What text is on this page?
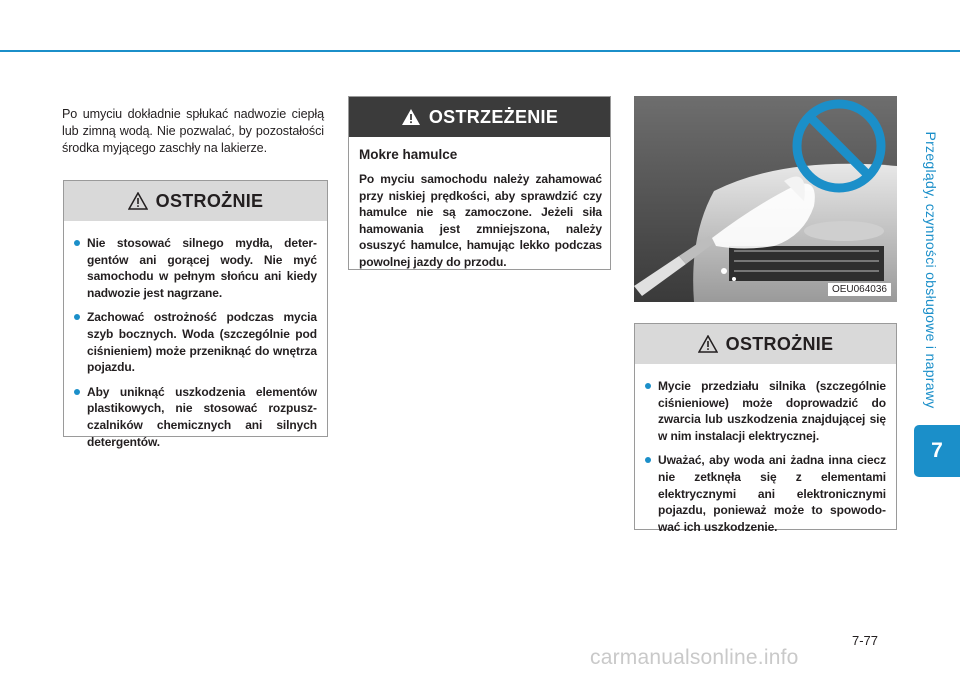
Po umyciu dokładnie spłukać nadwozie ciepłą lub zimną wodą. Nie pozwalać, by pozostałości środka myjącego zaschły na lakierze.

OSTROŻNIE
Nie stosować silnego mydła, detergentów ani gorącej wody. Nie myć samochodu w pełnym słońcu ani kiedy nadwozie jest nagrzane.
Zachować ostrożność podczas mycia szyb bocznych. Woda (szczególnie pod ciśnieniem) może przeniknąć do wnętrza pojazdu.
Aby uniknąć uszkodzenia elementów plastikowych, nie stosować rozpuszczalników chemicznych ani silnych detergentów.
OSTRZEŻENIE

Mokre hamulce

Po myciu samochodu należy zahamować przy niskiej prędkości, aby sprawdzić czy hamulce nie są zamoczone. Jeżeli siła hamowania jest zmniejszona, należy osuszyć hamulce, hamując lekko podczas powolnej jazdy do przodu.

OEU064036
OSTROŻNIE
Mycie przedziału silnika (szczególnie ciśnieniowe) może doprowadzić do zwarcia lub uszkodzenia znajdującej się w nim instalacji elektrycznej.
Uważać, aby woda ani żadna inna ciecz nie zetknęła się z elementami elektrycznymi ani elektronicznymi pojazdu, ponieważ może to spowodować ich uszkodzenie.
Przeglądy, czynności obsługowe i naprawy
7
7-77
carmanualsonline.info
